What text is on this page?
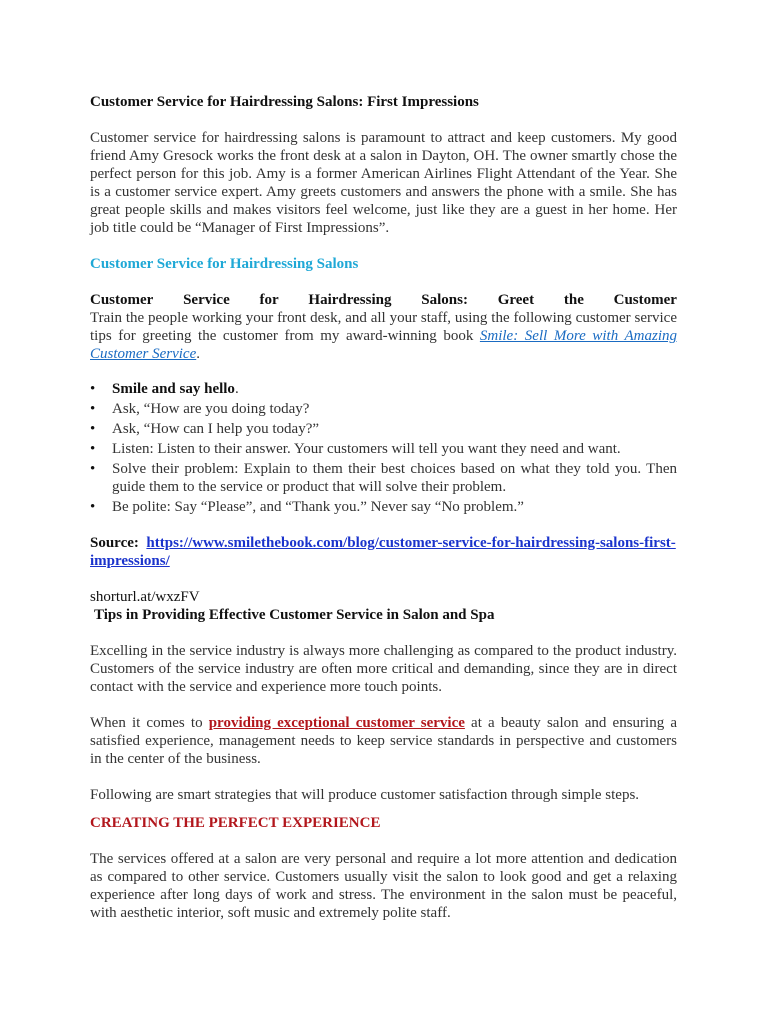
Customer Service for Hairdressing Salons: First Impressions

Customer service for hairdressing salons is paramount to attract and keep customers. My good friend Amy Gresock works the front desk at a salon in Dayton, OH. The owner smartly chose the perfect person for this job. Amy is a former American Airlines Flight Attendant of the Year. She is a customer service expert. Amy greets customers and answers the phone with a smile. She has great people skills and makes visitors feel welcome, just like they are a guest in her home. Her job title could be “Manager of First Impressions”.

Customer Service for Hairdressing Salons

Customer Service for Hairdressing Salons: Greet the Customer

Train the people working your front desk, and all your staff, using the following customer service tips for greeting the customer from my award-winning book Smile: Sell More with Amazing Customer Service.

• Smile and say hello.
• Ask, “How are you doing today?
• Ask, “How can I help you today?”
• Listen: Listen to their answer. Your customers will tell you want they need and want.
• Solve their problem: Explain to them their best choices based on what they told you. Then guide them to the service or product that will solve their problem.
• Be polite: Say “Please”, and “Thank you.” Never say “No problem.”

Source: https://www.smilethebook.com/blog/customer-service-for-hairdressing-salons-first-impressions/

shorturl.at/wxzFV

Tips in Providing Effective Customer Service in Salon and Spa

Excelling in the service industry is always more challenging as compared to the product industry. Customers of the service industry are often more critical and demanding, since they are in direct contact with the service and experience more touch points.

When it comes to providing exceptional customer service at a beauty salon and ensuring a satisfied experience, management needs to keep service standards in perspective and customers in the center of the business.

Following are smart strategies that will produce customer satisfaction through simple steps.

CREATING THE PERFECT EXPERIENCE

The services offered at a salon are very personal and require a lot more attention and dedication as compared to other service. Customers usually visit the salon to look good and get a relaxing experience after long days of work and stress. The environment in the salon must be peaceful, with aesthetic interior, soft music and extremely polite staff.
